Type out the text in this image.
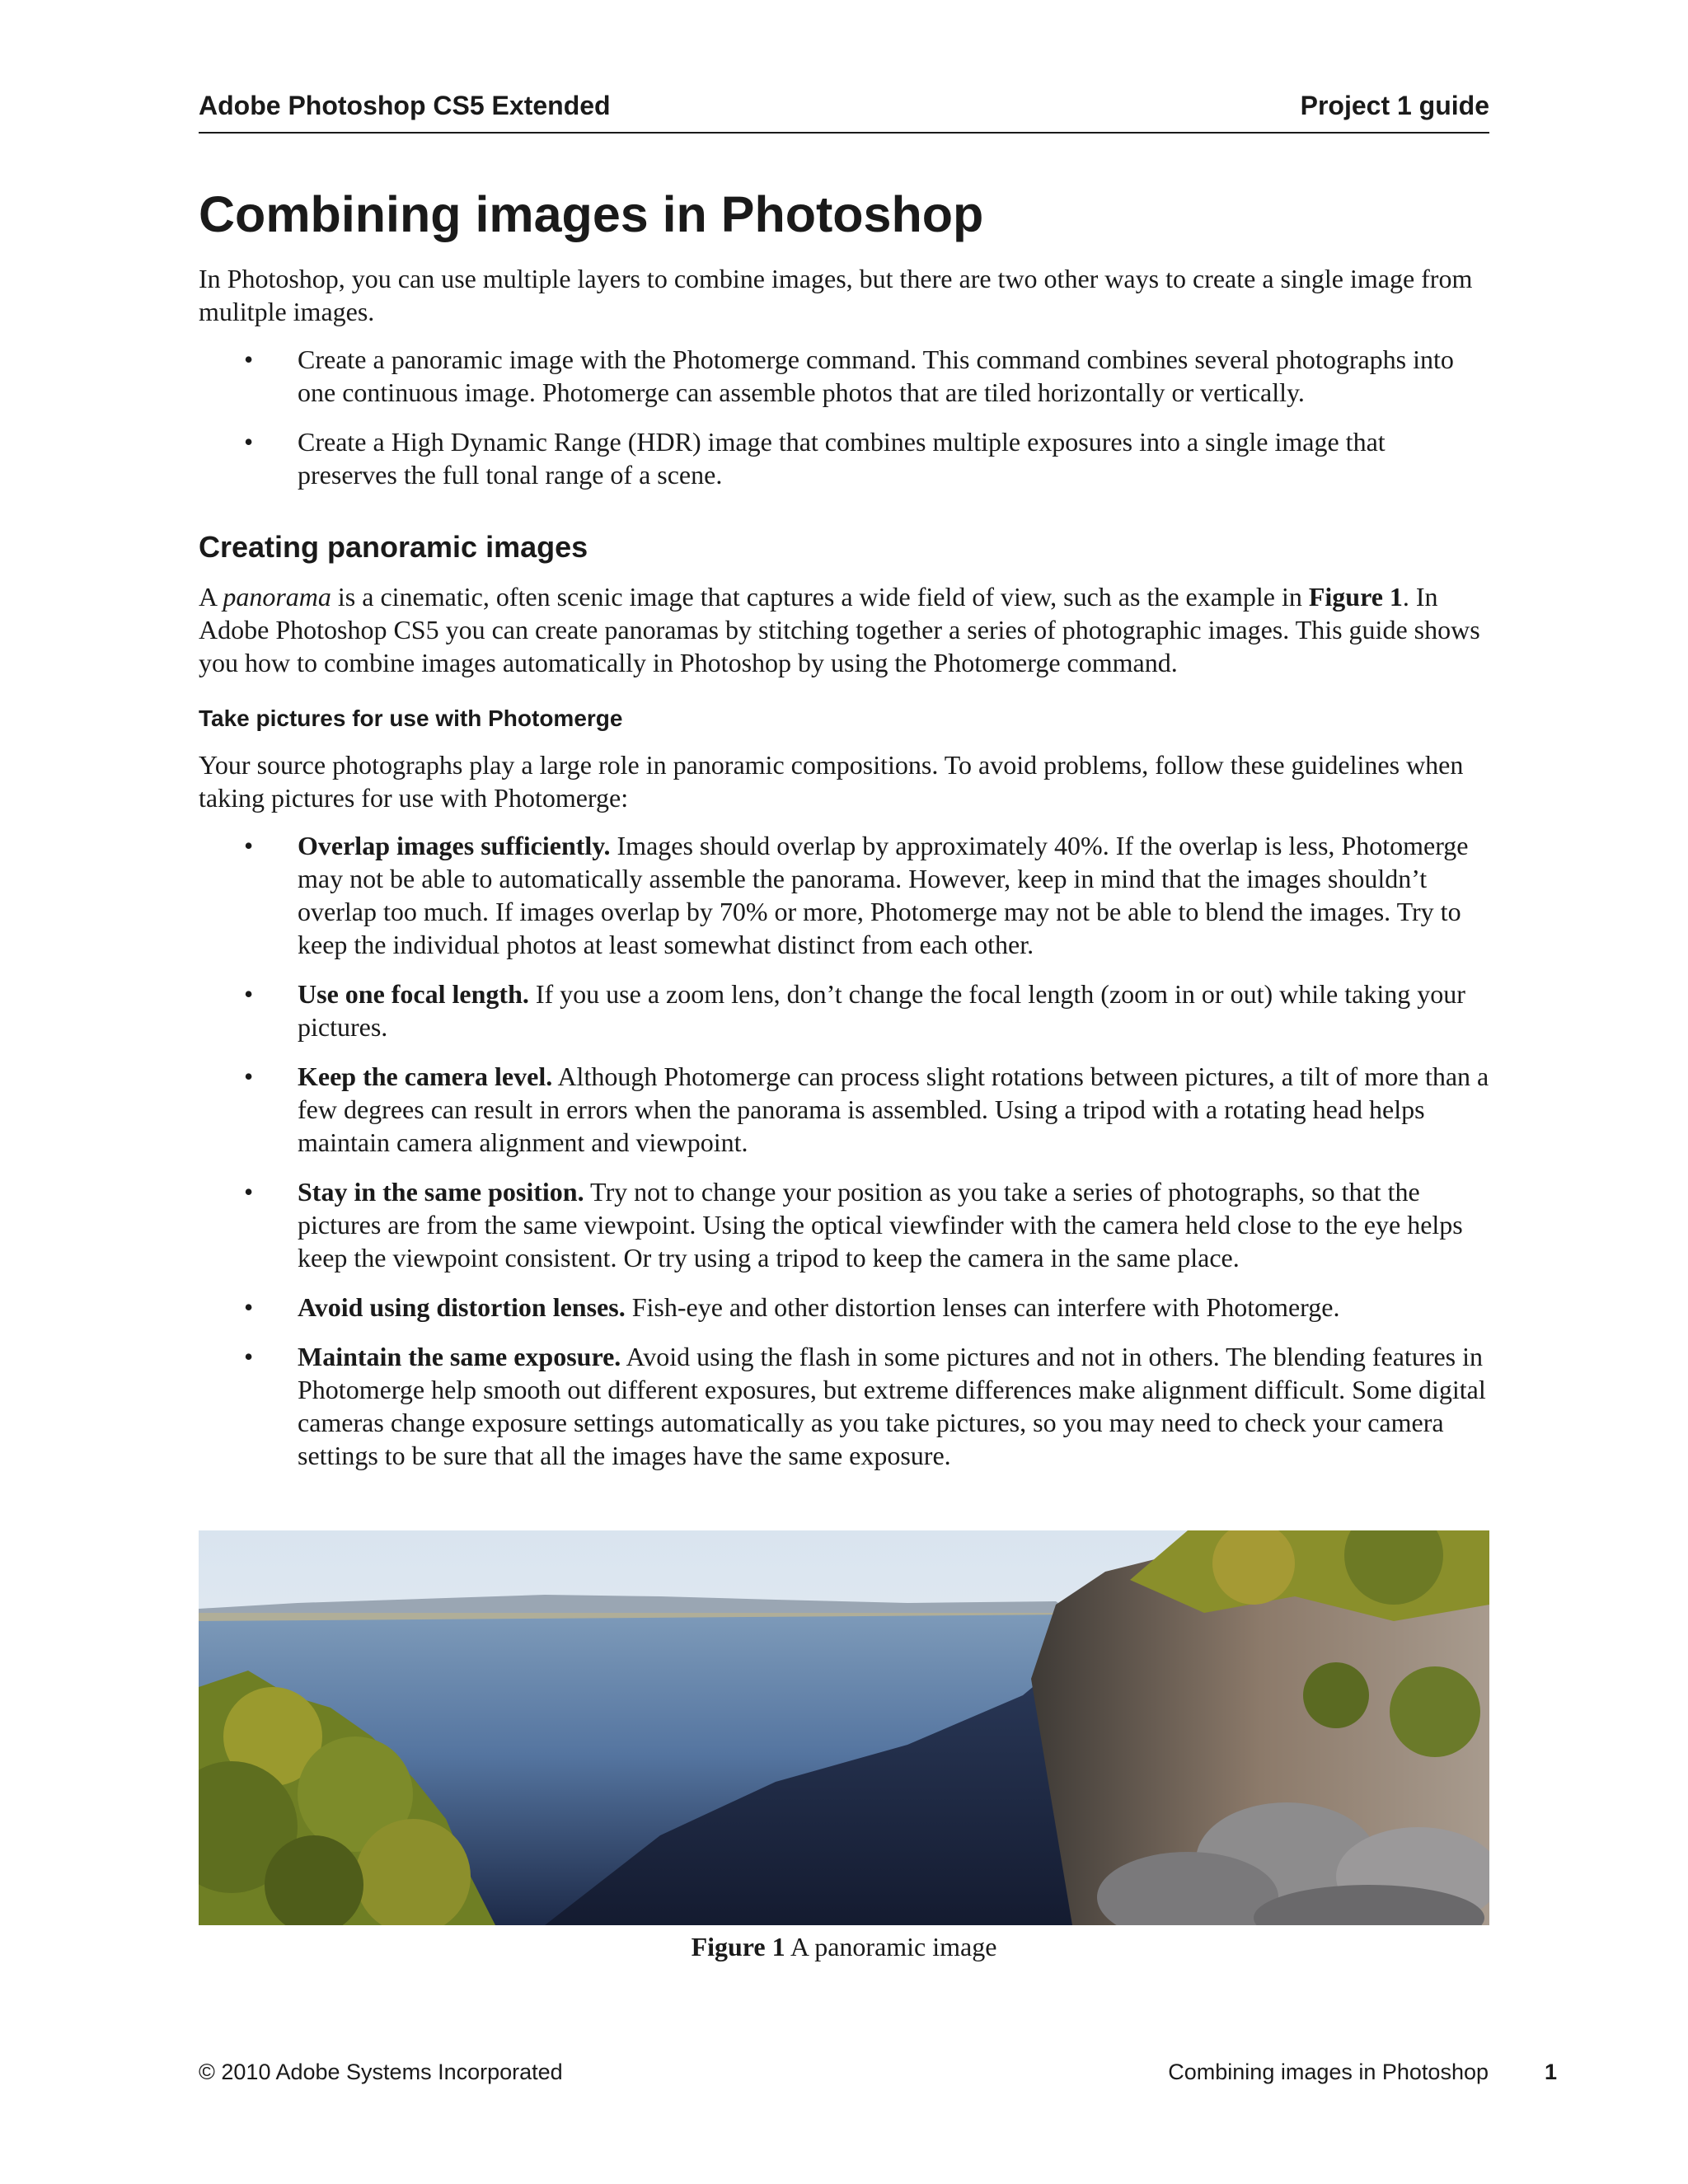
Adobe Photoshop CS5 Extended	Project 1 guide
Combining images in Photoshop

In Photoshop, you can use multiple layers to combine images, but there are two other ways to create a single image from mulitple images.

• Create a panoramic image with the Photomerge command. This command combines several photographs into one continuous image. Photomerge can assemble photos that are tiled horizontally or vertically.
• Create a High Dynamic Range (HDR) image that combines multiple exposures into a single image that preserves the full tonal range of a scene.
Creating panoramic images

A panorama is a cinematic, often scenic image that captures a wide field of view, such as the example in Figure 1. In Adobe Photoshop CS5 you can create panoramas by stitching together a series of photographic images. This guide shows you how to combine images automatically in Photoshop by using the Photomerge command.

Take pictures for use with Photomerge

Your source photographs play a large role in panoramic compositions. To avoid problems, follow these guidelines when taking pictures for use with Photomerge:

• Overlap images sufficiently. Images should overlap by approximately 40%. If the overlap is less, Photomerge may not be able to automatically assemble the panorama. However, keep in mind that the images shouldn’t overlap too much. If images overlap by 70% or more, Photomerge may not be able to blend the images. Try to keep the individual photos at least somewhat distinct from each other.
• Use one focal length. If you use a zoom lens, don’t change the focal length (zoom in or out) while taking your pictures.
• Keep the camera level. Although Photomerge can process slight rotations between pictures, a tilt of more than a few degrees can result in errors when the panorama is assembled. Using a tripod with a rotating head helps maintain camera alignment and viewpoint.
• Stay in the same position. Try not to change your position as you take a series of photographs, so that the pictures are from the same viewpoint. Using the optical viewfinder with the camera held close to the eye helps keep the viewpoint consistent. Or try using a tripod to keep the camera in the same place.
• Avoid using distortion lenses. Fish-eye and other distortion lenses can interfere with Photomerge.
• Maintain the same exposure. Avoid using the flash in some pictures and not in others. The blending features in Photomerge help smooth out different exposures, but extreme differences make alignment difficult. Some digital cameras change exposure settings automatically as you take pictures, so you may need to check your camera settings to be sure that all the images have the same exposure.
Figure 1 A panoramic image
© 2010 Adobe Systems Incorporated	Combining images in Photoshop	1
